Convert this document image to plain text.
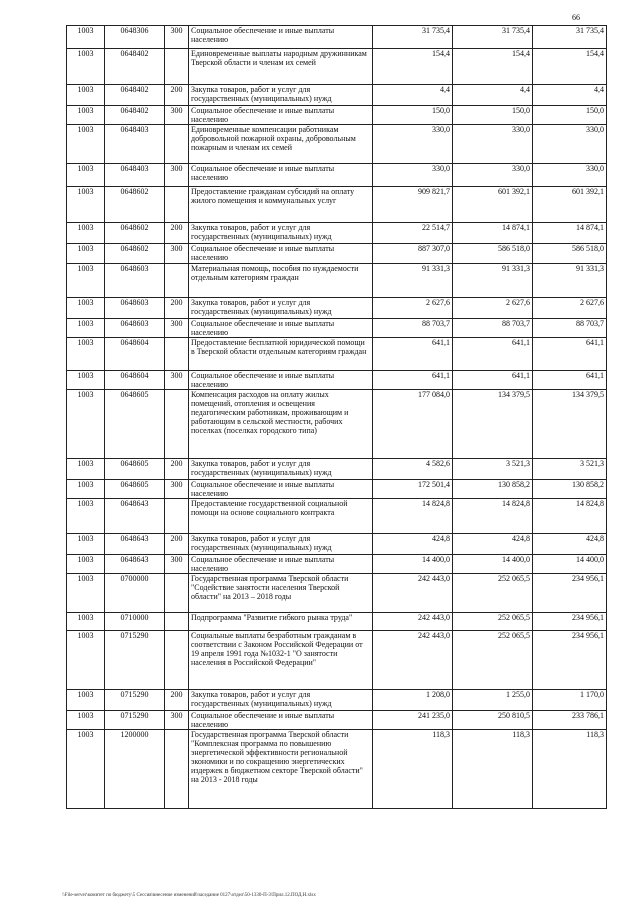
66
1003	0648306	300	Социальное обеспечение и иные выплаты населению	31 735,4	31 735,4	31 735,4
1003	0648402		Единовременные выплаты народным дружинникам Тверской области и членам их семей	154,4	154,4	154,4
1003	0648402	200	Закупка товаров, работ и услуг для государственных (муниципальных) нужд	4,4	4,4	4,4
1003	0648402	300	Социальное обеспечение и иные выплаты населению	150,0	150,0	150,0
1003	0648403		Единовременные компенсации работникам добровольной пожарной охраны, добровольным пожарным и членам их семей	330,0	330,0	330,0
1003	0648403	300	Социальное обеспечение и иные выплаты населению	330,0	330,0	330,0
1003	0648602		Предоставление гражданам субсидий на оплату жилого помещения и коммунальных услуг	909 821,7	601 392,1	601 392,1
1003	0648602	200	Закупка товаров, работ и услуг для государственных (муниципальных) нужд	22 514,7	14 874,1	14 874,1
1003	0648602	300	Социальное обеспечение и иные выплаты населению	887 307,0	586 518,0	586 518,0
1003	0648603		Материальная помощь, пособия по нуждаемости отдельным категориям граждан	91 331,3	91 331,3	91 331,3
1003	0648603	200	Закупка товаров, работ и услуг для государственных (муниципальных) нужд	2 627,6	2 627,6	2 627,6
1003	0648603	300	Социальное обеспечение и иные выплаты населению	88 703,7	88 703,7	88 703,7
1003	0648604		Предоставление бесплатной юридической помощи в Тверской области отдельным категориям граждан	641,1	641,1	641,1
1003	0648604	300	Социальное обеспечение и иные выплаты населению	641,1	641,1	641,1
1003	0648605		Компенсация расходов на оплату жилых помещений, отопления и освещения педагогическим работникам, проживающим и работающим в сельской местности, рабочих поселках (поселках городского типа)	177 084,0	134 379,5	134 379,5
1003	0648605	200	Закупка товаров, работ и услуг для государственных (муниципальных) нужд	4 582,6	3 521,3	3 521,3
1003	0648605	300	Социальное обеспечение и иные выплаты населению	172 501,4	130 858,2	130 858,2
1003	0648643		Предоставление государственной социальной помощи на основе социального контракта	14 824,8	14 824,8	14 824,8
1003	0648643	200	Закупка товаров, работ и услуг для государственных (муниципальных) нужд	424,8	424,8	424,8
1003	0648643	300	Социальное обеспечение и иные выплаты населению	14 400,0	14 400,0	14 400,0
1003	0700000		Государственная программа Тверской области "Содействие занятости населения Тверской области" на 2013 – 2018 годы	242 443,0	252 065,5	234 956,1
1003	0710000		Подпрограмма "Развитие гибкого рынка труда"	242 443,0	252 065,5	234 956,1
1003	0715290		Социальные выплаты безработным гражданам в соответствии с Законом Российской Федерации от 19 апреля 1991 года №1032-1 "О занятости населения в Российской Федерации"	242 443,0	252 065,5	234 956,1
1003	0715290	200	Закупка товаров, работ и услуг для государственных (муниципальных) нужд	1 208,0	1 255,0	1 170,0
1003	0715290	300	Социальное обеспечение и иные выплаты населению	241 235,0	250 810,5	233 786,1
1003	1200000		Государственная программа Тверской области "Комплексная программа по повышению энергетической эффективности региональной экономики и по сокращению энергетических издержек в бюджетном секторе Тверской области" на 2013 - 2018 годы	118,3	118,3	118,3
\\File-server\комитет по бюджету\5 Сессия\внесение изменений\заседание 0127\отдел\50-1330-П-3\Прил.12.ПОД.Н.xlsx
